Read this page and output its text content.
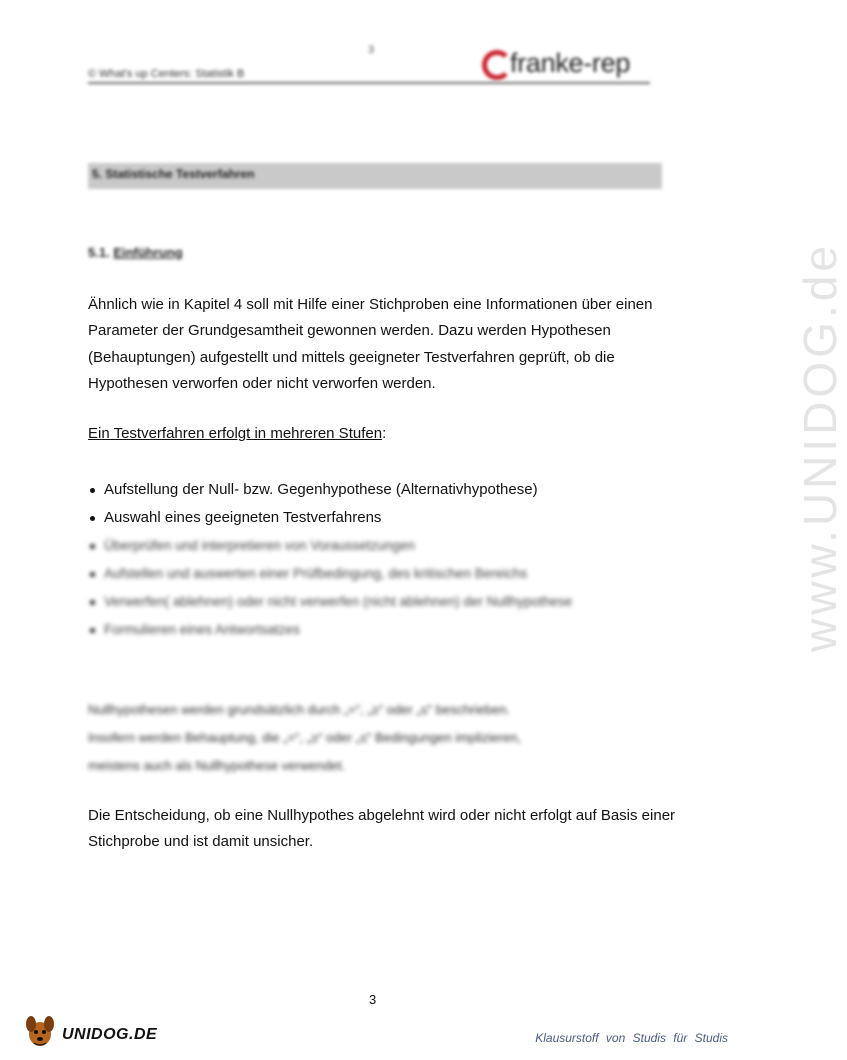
3
© What's up Centers: Statistik B	franke-rep
5. Statistische Testverfahren
5.1. Einführung
Ähnlich wie in Kapitel 4 soll mit Hilfe einer Stichproben eine Informationen über einen Parameter der Grundgesamtheit gewonnen werden. Dazu werden Hypothesen (Behauptungen) aufgestellt und mittels geeigneter Testverfahren geprüft, ob die Hypothesen verworfen oder nicht verworfen werden.
Ein Testverfahren erfolgt in mehreren Stufen:
Aufstellung der Null- bzw. Gegenhypothese (Alternativhypothese)
Auswahl eines geeigneten Testverfahrens
Überprüfen und interpretieren von Voraussetzungen
Aufstellen und auswerten einer Prüfbedingung, des kritischen Bereichs
Verwerfen( ablehnen) oder nicht verwerfen (nicht ablehnen) der Nullhypothese
Formulieren eines Antwortsatzes
Nullhypothesen werden grundsätzlich durch „=“, „≥“ oder „≤“ beschrieben.
Insofern werden Behauptung, die „=“, „≥“ oder „≤“ Bedingungen implizieren,
meistens auch als Nullhypothese verwendet.
Die Entscheidung, ob eine Nullhypothes abgelehnt wird oder nicht erfolgt auf Basis einer Stichprobe und ist damit unsicher.
www.UNIDOG.de
3
UNIDOG.DE	Klausurstoff von Studis für Studis
